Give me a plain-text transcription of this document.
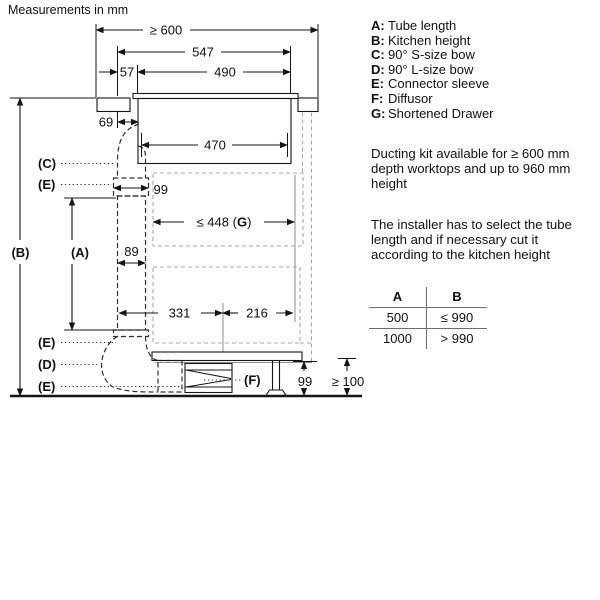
Measurements in mm
≥ 600
547
490
57
69
470
99
≤ 448 (G)
89
331	216
99 ≥ 100
(A)
(B)
(C)
(E)
(E)
(D)
(E)	(F)
A: Tube length
B: Kitchen height
C: 90° S-size bow
D: 90° L-size bow
E: Connector sleeve
F: Diffusor
G: Shortened Drawer
Ducting kit available for ≥ 600 mm depth worktops and up to 960 mm height
The installer has to select the tube length and if necessary cut it according to the kitchen height
A	B
500	≤ 990
1000	> 990
